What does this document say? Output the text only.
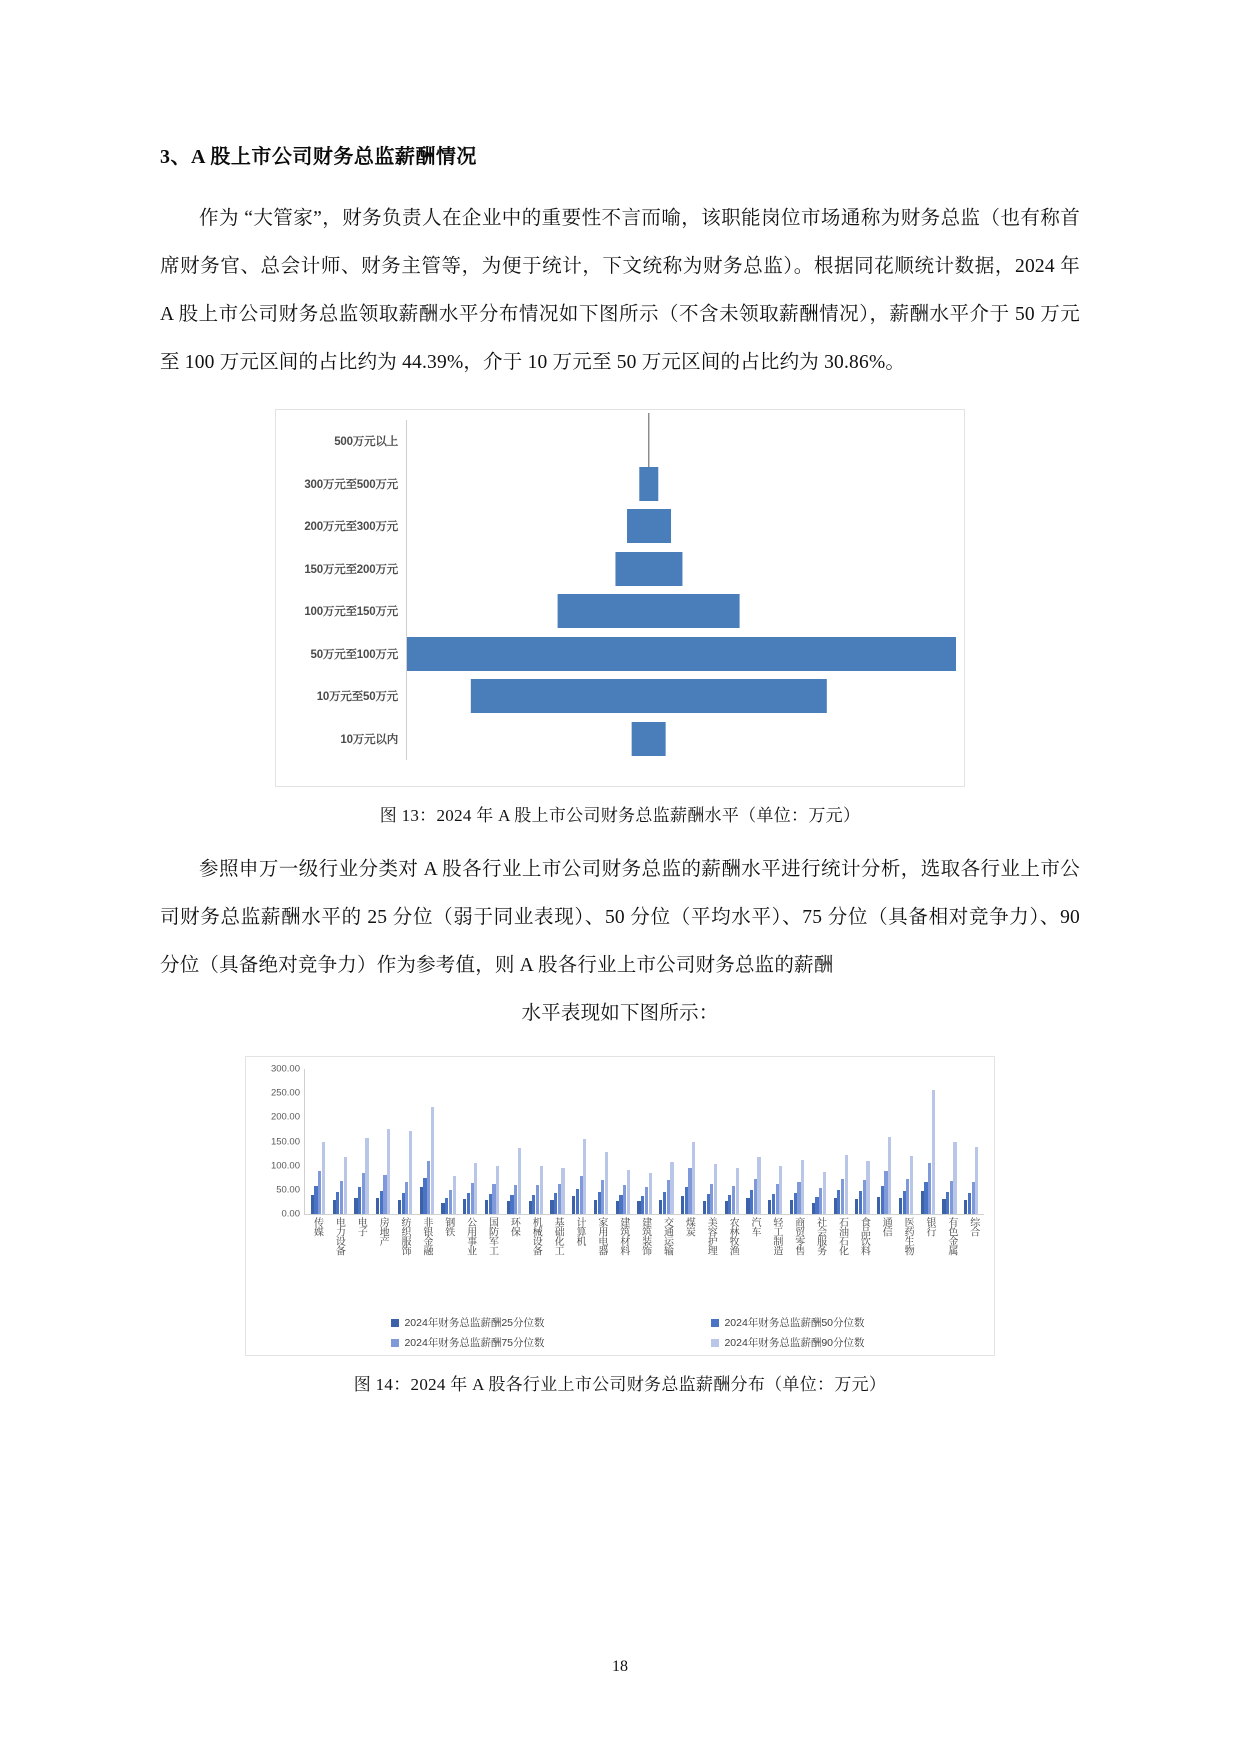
3、A 股上市公司财务总监薪酬情况

作为 “大管家”，财务负责人在企业中的重要性不言而喻，该职能岗位市场通称为财务总监（也有称首席财务官、总会计师、财务主管等，为便于统计，下文统称为财务总监）。根据同花顺统计数据，2024 年 A 股上市公司财务总监领取薪酬水平分布情况如下图所示（不含未领取薪酬情况），薪酬水平介于 50 万元至 100 万元区间的占比约为 44.39%，介于 10 万元至 50 万元区间的占比约为 30.86%。

500万元以上
300万元至500万元
200万元至300万元
150万元至200万元
100万元至150万元
50万元至100万元
10万元至50万元
10万元以内
图 13：2024 年 A 股上市公司财务总监薪酬水平（单位：万元）

参照申万一级行业分类对 A 股各行业上市公司财务总监的薪酬水平进行统计分析，选取各行业上市公司财务总监薪酬水平的 25 分位（弱于同业表现）、50 分位（平均水平）、75 分位（具备相对竞争力）、90 分位（具备绝对竞争力）作为参考值，则 A 股各行业上市公司财务总监的薪酬

水平表现如下图所示：

0.00
50.00
100.00
150.00
200.00
250.00
300.00
传媒	电力设备	电子	房地产	纺织服饰	非银金融	钢铁	公用事业	国防军工	环保	机械设备	基础化工	计算机	家用电器	建筑材料	建筑装饰	交通运输	煤炭	美容护理	农林牧渔	汽车	轻工制造	商贸零售	社会服务	石油石化	食品饮料	通信	医药生物	银行	有色金属	综合
2024年财务总监薪酬25分位数	2024年财务总监薪酬50分位数
2024年财务总监薪酬75分位数	2024年财务总监薪酬90分位数
图 14：2024 年 A 股各行业上市公司财务总监薪酬分布（单位：万元）
18
